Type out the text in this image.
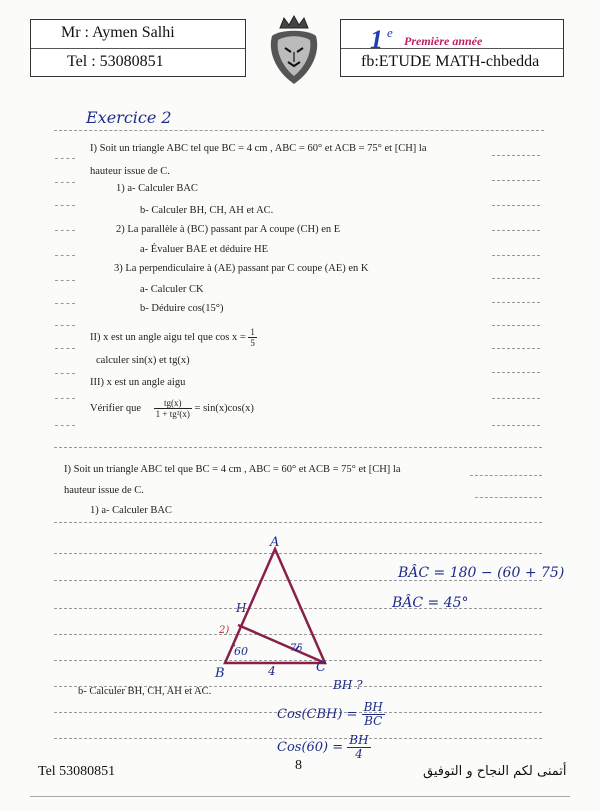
Mr : Aymen Salhi
Tel : 53080851	fb:ETUDE MATH-chbedda
1 e
Première année
Exercice 2
I) Soit un triangle ABC tel que BC = 4 cm , ABC = 60° et ACB = 75° et [CH] la
hauteur issue de C.
1) a- Calculer BAC
b- Calculer BH, CH, AH et AC.
2) La parallèle à (BC) passant par A coupe (CH) en E
a- Évaluer BAE et déduire HE
3) La perpendiculaire à (AE) passant par C coupe (AE) en K
a- Calculer CK
b- Déduire cos(15°)
II) x est un angle aigu tel que $\cos x = \frac{1}{5}$
calculer sin(x) et tg(x)
III) x est un angle aigu
Vérifier que $\frac{tg(x)}{\text{1 + tg²(x)}} = \sin(x)\cos(x)$
I) Soit un triangle ABC tel que BC = 4 cm , ABC = 60° et ACB = 75° et [CH] la
hauteur issue de C.
1) a- Calculer BAC
A
H
2)
60	75
B	4	C
BÂC = 180 − (60 + 75)
BÂC = 45°
b- Calculer BH, CH, AH et AC.	BH ?
$Cos(CBH) = \frac{BH}{BC}$
$Cos(60) = \frac{BH}{4}$
Tel 53080851	8	أتمنى لكم النجاح و التوفيق
